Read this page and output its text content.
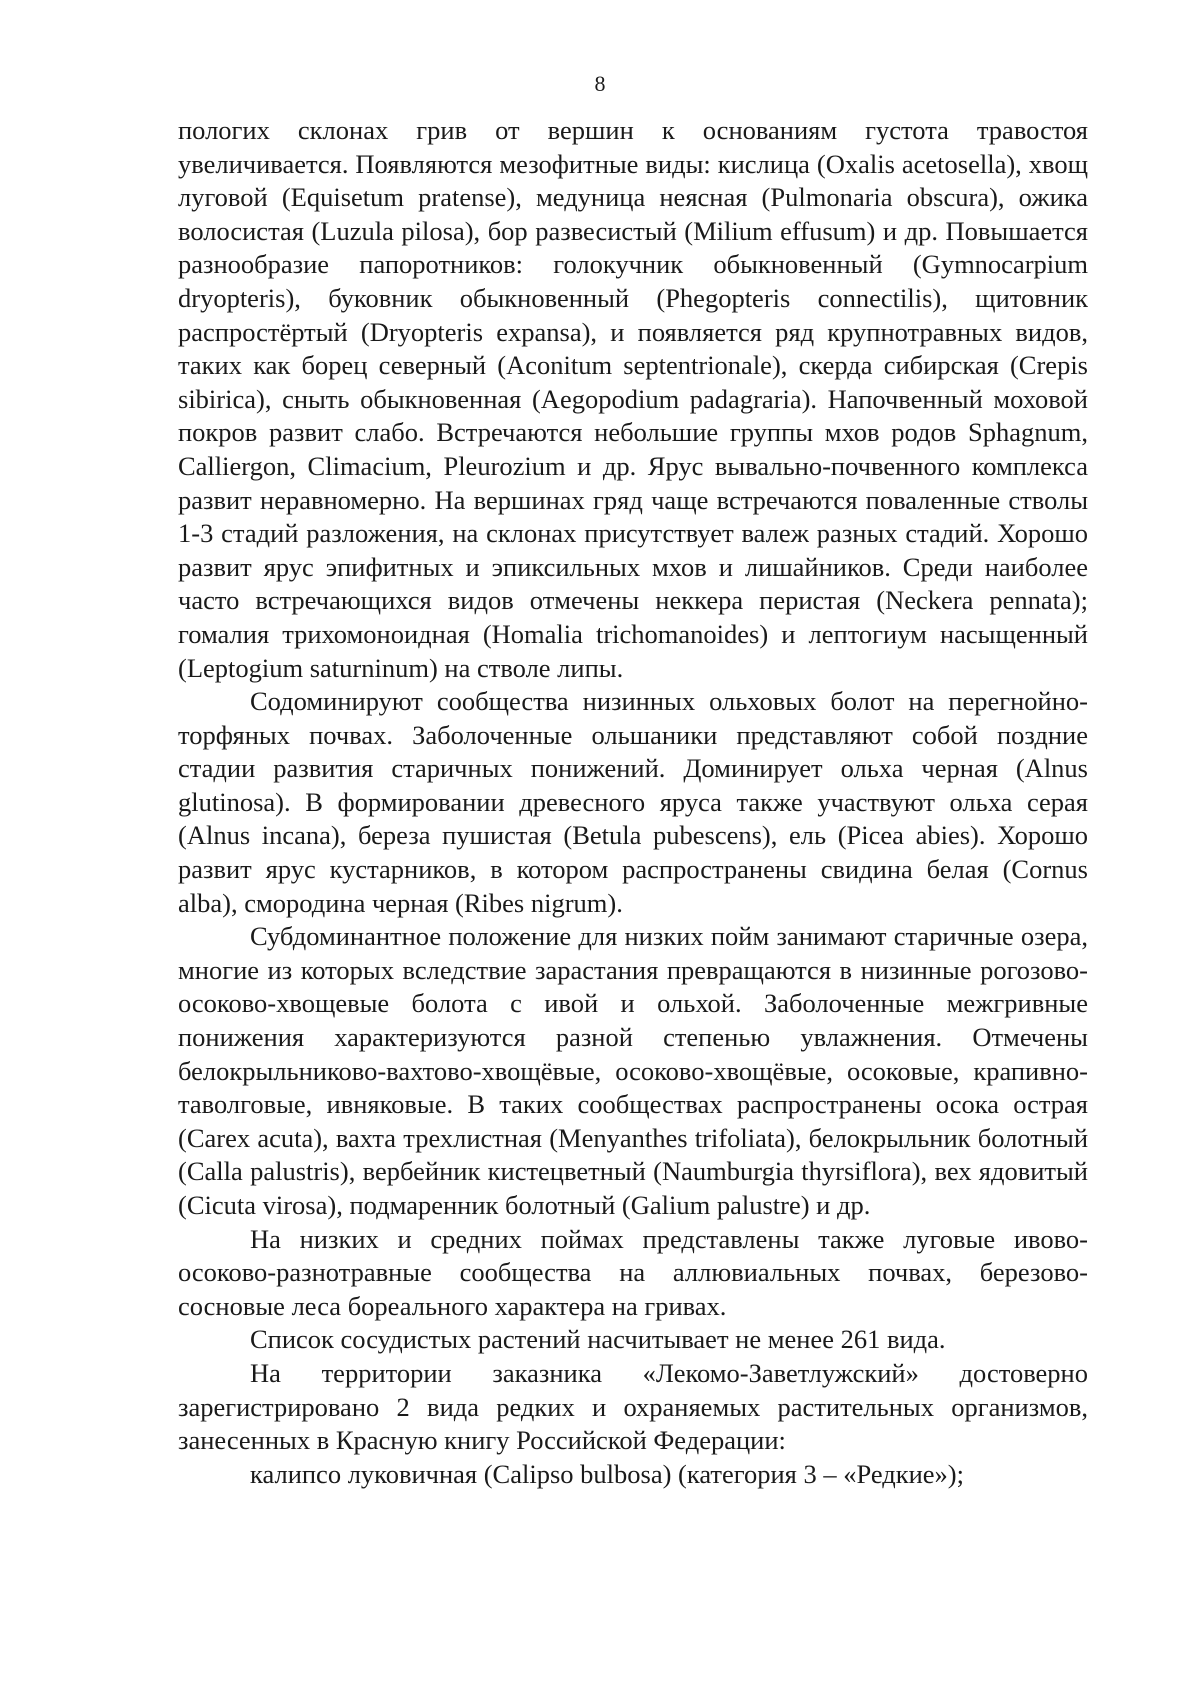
8

пологих склонах грив от вершин к основаниям густота травостоя увеличивается. Появляются мезофитные виды: кислица (Oxalis acetosella), хвощ луговой (Equisetum pratense), медуница неясная (Pulmonaria obscura), ожика волосистая (Luzula pilosa), бор развесистый (Milium effusum) и др. Повышается разнообразие папоротников: голокучник обыкновенный (Gymnocarpium dryopteris), буковник обыкновенный (Phegopteris connectilis), щитовник распростёртый (Dryopteris expansa), и появляется ряд крупнотравных видов, таких как борец северный (Aconitum septentrionale), скерда сибирская (Crepis sibirica), сныть обыкновенная (Aegopodium padagraria). Напочвенный моховой покров развит слабо. Встречаются небольшие группы мхов родов Sphagnum, Calliergon, Climacium, Pleurozium и др. Ярус вывально-почвенного комплекса развит неравномерно. На вершинах гряд чаще встречаются поваленные стволы 1-3 стадий разложения, на склонах присутствует валеж разных стадий. Хорошо развит ярус эпифитных и эпиксильных мхов и лишайников. Среди наиболее часто встречающихся видов отмечены неккера перистая (Neckera pennata); гомалия трихомоноидная (Homalia trichomanoides) и лептогиум насыщенный (Leptogium saturninum) на стволе липы.

Содоминируют сообщества низинных ольховых болот на перегнойно-торфяных почвах. Заболоченные ольшаники представляют собой поздние стадии развития старичных понижений. Доминирует ольха черная (Alnus glutinosa). В формировании древесного яруса также участвуют ольха серая (Alnus incana), береза пушистая (Betula pubescens), ель (Picea abies). Хорошо развит ярус кустарников, в котором распространены свидина белая (Cornus alba), смородина черная (Ribes nigrum).

Субдоминантное положение для низких пойм занимают старичные озера, многие из которых вследствие зарастания превращаются в низинные рогозово-осоково-хвощевые болота с ивой и ольхой. Заболоченные межгривные понижения характеризуются разной степенью увлажнения. Отмечены белокрыльниково-вахтово-хвощёвые, осоково-хвощёвые, осоковые, крапивно-таволговые, ивняковые. В таких сообществах распространены осока острая (Carex acuta), вахта трехлистная (Menyanthes trifoliata), белокрыльник болотный (Calla palustris), вербейник кистецветный (Naumburgia thyrsiflora), вех ядовитый (Cicuta virosa), подмаренник болотный (Galium palustre) и др.

На низких и средних поймах представлены также луговые ивово-осоково-разнотравные сообщества на аллювиальных почвах, березово-сосновые леса бореального характера на гривах.

Список сосудистых растений насчитывает не менее 261 вида.

На территории заказника «Лекомо-Заветлужский» достоверно зарегистрировано 2 вида редких и охраняемых растительных организмов, занесенных в Красную книгу Российской Федерации:

калипсо луковичная (Calipso bulbosa) (категория 3 – «Редкие»);
